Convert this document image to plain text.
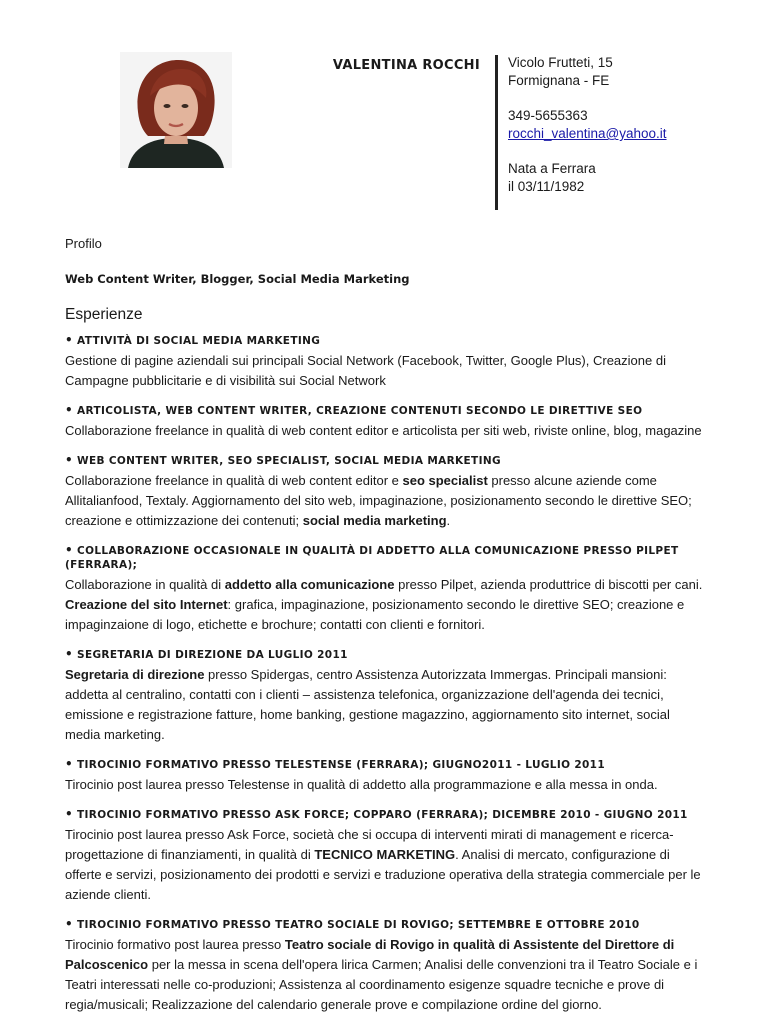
VALENTINA ROCCHI Vicolo Frutteti, 15

Formignana - FE

349-5655363

rocchi_valentina@yahoo.it

Nata a Ferrara

il 03/11/1982

Profilo
Web Content Writer, Blogger, Social Media Marketing
Esperienze
• ATTIVITÀ DI SOCIAL MEDIA MARKETING

Gestione di pagine aziendali sui principali Social Network (Facebook, Twitter, Google Plus), Creazione di Campagne pubblicitarie e di visibilità sui Social Network

• ARTICOLISTA, WEB CONTENT WRITER, CREAZIONE CONTENUTI SECONDO LE DIRETTIVE SEO

Collaborazione freelance in qualità di web content editor e articolista per siti web, riviste online, blog, magazine

• WEB CONTENT WRITER, SEO SPECIALIST, SOCIAL MEDIA MARKETING

Collaborazione freelance in qualità di web content editor e seo specialist presso alcune aziende come Allitalianfood, Textaly. Aggiornamento del sito web, impaginazione, posizionamento secondo le direttive SEO; creazione e ottimizzazione dei contenuti; social media marketing.

• COLLABORAZIONE OCCASIONALE IN QUALITÀ DI ADDETTO ALLA COMUNICAZIONE PRESSO PILPET (FERRARA);

Collaborazione in qualità di addetto alla comunicazione presso Pilpet, azienda produttrice di biscotti per cani. Creazione del sito Internet: grafica, impaginazione, posizionamento secondo le direttive SEO; creazione e impaginzaione di logo, etichette e brochure; contatti con clienti e fornitori.

• SEGRETARIA DI DIREZIONE DA LUGLIO 2011

Segretaria di direzione presso Spidergas, centro Assistenza Autorizzata Immergas. Principali mansioni: addetta al centralino, contatti con i clienti – assistenza telefonica, organizzazione dell'agenda dei tecnici, emissione e registrazione fatture, home banking, gestione magazzino, aggiornamento sito internet, social media marketing.

• TIROCINIO FORMATIVO PRESSO TELESTENSE (FERRARA); GIUGNO2011 - LUGLIO 2011

Tirocinio post laurea presso Telestense in qualità di addetto alla programmazione e alla messa in onda.

• TIROCINIO FORMATIVO PRESSO ASK FORCE; COPPARO (FERRARA); DICEMBRE 2010 - GIUGNO 2011

Tirocinio post laurea presso Ask Force, società che si occupa di interventi mirati di management e ricerca-progettazione di finanziamenti, in qualità di TECNICO MARKETING. Analisi di mercato, configurazione di offerte e servizi, posizionamento dei prodotti e servizi e traduzione operativa della strategia commerciale per le aziende clienti.

• TIROCINIO FORMATIVO PRESSO TEATRO SOCIALE DI ROVIGO; SETTEMBRE E OTTOBRE 2010

Tirocinio formativo post laurea presso Teatro sociale di Rovigo in qualità di Assistente del Direttore di Palcoscenico per la messa in scena dell'opera lirica Carmen; Analisi delle convenzioni tra il Teatro Sociale e i Teatri interessati nelle co-produzioni; Assistenza al coordinamento esigenze squadre tecniche e prove di regia/musicali; Realizzazione del calendario generale prove e compilazione ordine del giorno.
